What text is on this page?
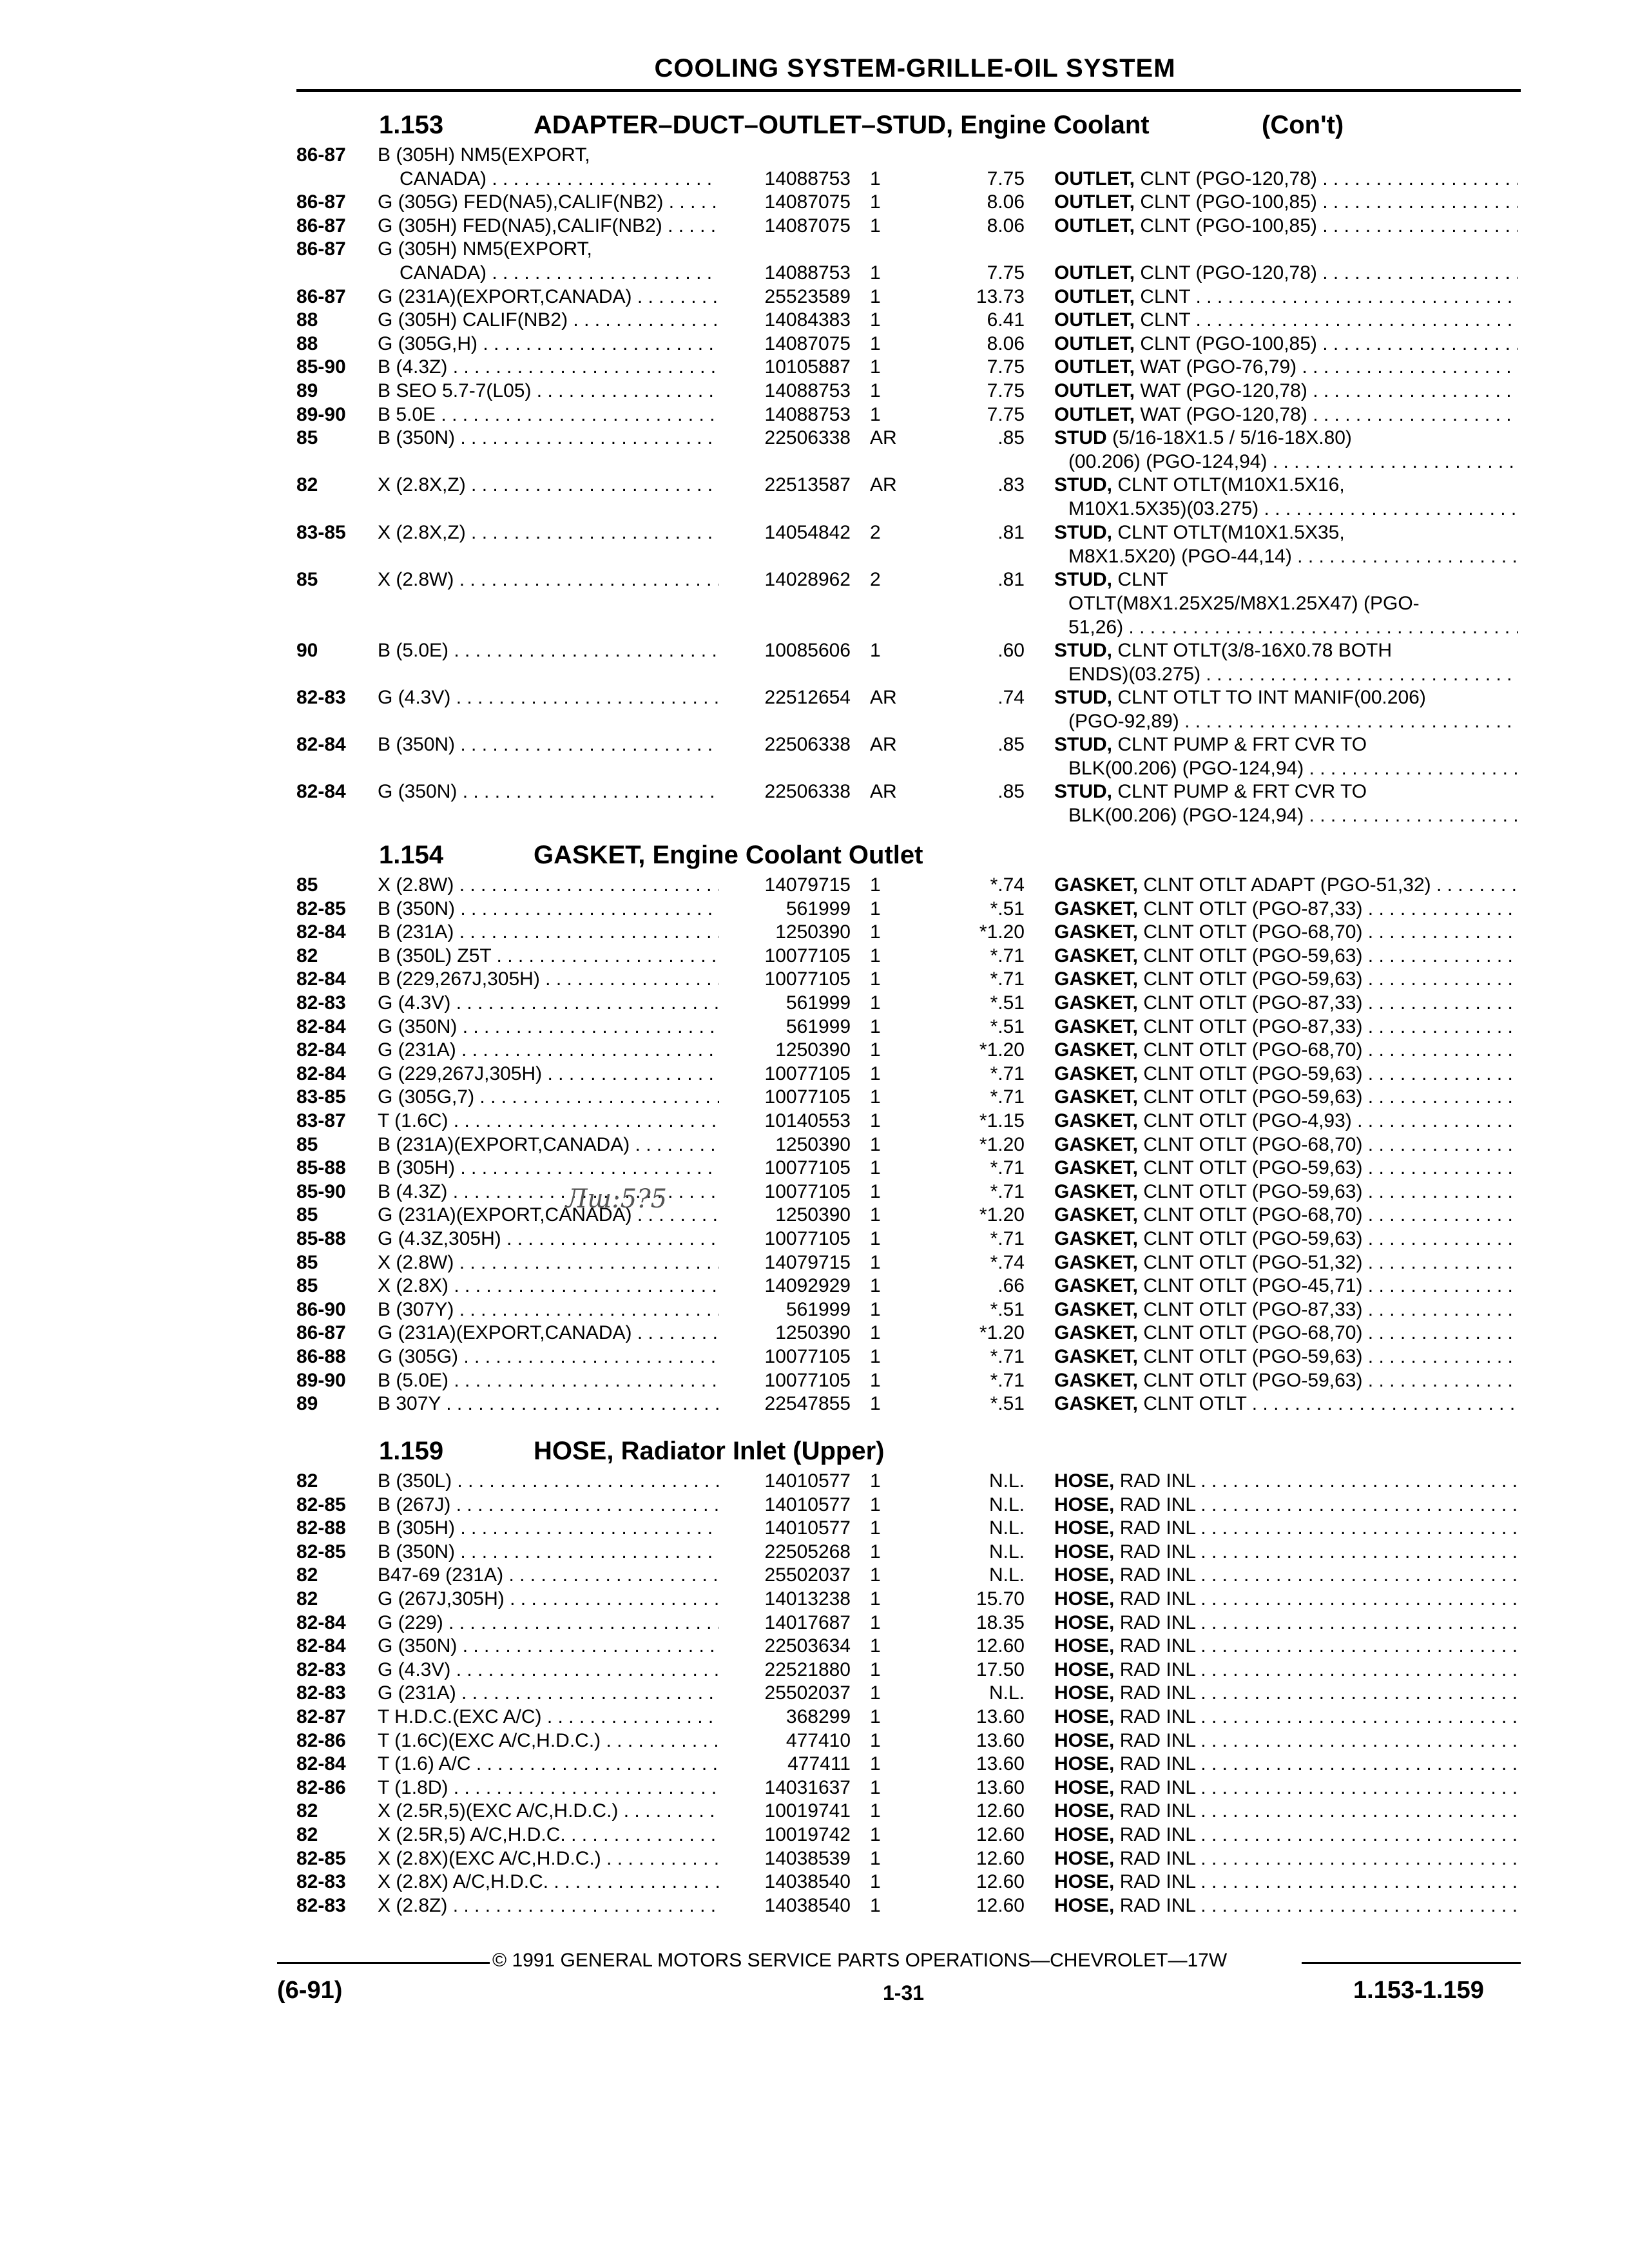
COOLING SYSTEM-GRILLE-OIL SYSTEM
1.153	ADAPTER–DUCT–OUTLET–STUD, Engine Coolant	(Con't)
86-87	B (305H) NM5(EXPORT,
CANADA) . . .	14088753 1	7.75 OUTLET, CLNT (PGO-120,78) . . .
86-87	G (305G) FED(NA5),CALIF(NB2) . . .	14087075 1	8.06 OUTLET, CLNT (PGO-100,85) . . .
86-87	G (305H) FED(NA5),CALIF(NB2) . . .	14087075 1	8.06 OUTLET, CLNT (PGO-100,85) . . .
86-87	G (305H) NM5(EXPORT,
CANADA) . . .	14088753 1	7.75 OUTLET, CLNT (PGO-120,78) . . .
86-87	G (231A)(EXPORT,CANADA) . . .	25523589 1	13.73 OUTLET, CLNT . . .
88	G (305H) CALIF(NB2) . . .	14084383 1	6.41 OUTLET, CLNT . . .
88	G (305G,H) . . .	14087075 1	8.06 OUTLET, CLNT (PGO-100,85) . . .
85-90	B (4.3Z) . . .	10105887 1	7.75 OUTLET, WAT (PGO-76,79) . . .
89	B SEO 5.7-7(L05) . . .	14088753 1	7.75 OUTLET, WAT (PGO-120,78) . . .
89-90	B 5.0E . . .	14088753 1	7.75 OUTLET, WAT (PGO-120,78) . . .
85	B (350N) . . .	22506338 AR	.85 STUD (5/16-18X1.5 / 5/16-18X.80)
(00.206) (PGO-124,94) . . .
82	X (2.8X,Z) . . .	22513587 AR	.83 STUD, CLNT OTLT(M10X1.5X16,
M10X1.5X35)(03.275) . . .
83-85	X (2.8X,Z) . . .	14054842 2	.81 STUD, CLNT OTLT(M10X1.5X35,
M8X1.5X20) (PGO-44,14) . . .
85	X (2.8W) . . .	14028962 2	.81 STUD, CLNT
OTLT(M8X1.25X25/M8X1.25X47) (PGO-
51,26) . . .
90	B (5.0E) . . .	10085606 1	.60 STUD, CLNT OTLT(3/8-16X0.78 BOTH
ENDS)(03.275) . . .
82-83	G (4.3V) . . .	22512654 AR	.74 STUD, CLNT OTLT TO INT MANIF(00.206)
(PGO-92,89) . . .
82-84	B (350N) . . .	22506338 AR	.85 STUD, CLNT PUMP & FRT CVR TO
BLK(00.206) (PGO-124,94) . . .
82-84	G (350N) . . .	22506338 AR	.85 STUD, CLNT PUMP & FRT CVR TO
BLK(00.206) (PGO-124,94) . . .
1.154	GASKET, Engine Coolant Outlet
85	X (2.8W) . . .	14079715 1	*.74 GASKET, CLNT OTLT ADAPT (PGO-51,32) . . .
82-85	B (350N) . . .	561999 1	*.51 GASKET, CLNT OTLT (PGO-87,33) . . .
82-84	B (231A) . . .	1250390 1	*1.20 GASKET, CLNT OTLT (PGO-68,70) . . .
82	B (350L) Z5T . . .	10077105 1	*.71 GASKET, CLNT OTLT (PGO-59,63) . . .
82-84	B (229,267J,305H) . . .	10077105 1	*.71 GASKET, CLNT OTLT (PGO-59,63) . . .
82-83	G (4.3V) . . .	561999 1	*.51 GASKET, CLNT OTLT (PGO-87,33) . . .
82-84	G (350N) . . .	561999 1	*.51 GASKET, CLNT OTLT (PGO-87,33) . . .
82-84	G (231A) . . .	1250390 1	*1.20 GASKET, CLNT OTLT (PGO-68,70) . . .
82-84	G (229,267J,305H) . . .	10077105 1	*.71 GASKET, CLNT OTLT (PGO-59,63) . . .
83-85	G (305G,7) . . .	10077105 1	*.71 GASKET, CLNT OTLT (PGO-59,63) . . .
83-87	T (1.6C) . . .	10140553 1	*1.15 GASKET, CLNT OTLT (PGO-4,93) . . .
85	B (231A)(EXPORT,CANADA) . . .	1250390 1	*1.20 GASKET, CLNT OTLT (PGO-68,70) . . .
85-88	B (305H) . . .	10077105 1	*.71 GASKET, CLNT OTLT (PGO-59,63) . . .
85-90	B (4.3Z) . . .	10077105 1	*.71 GASKET, CLNT OTLT (PGO-59,63) . . .
85	G (231A)(EXPORT,CANADA) . . .	1250390 1	*1.20 GASKET, CLNT OTLT (PGO-68,70) . . .
85-88	G (4.3Z,305H) . . .	10077105 1	*.71 GASKET, CLNT OTLT (PGO-59,63) . . .
85	X (2.8W) . . .	14079715 1	*.74 GASKET, CLNT OTLT (PGO-51,32) . . .
85	X (2.8X) . . .	14092929 1	.66 GASKET, CLNT OTLT (PGO-45,71) . . .
86-90	B (307Y) . . .	561999 1	*.51 GASKET, CLNT OTLT (PGO-87,33) . . .
86-87	G (231A)(EXPORT,CANADA) . . .	1250390 1	*1.20 GASKET, CLNT OTLT (PGO-68,70) . . .
86-88	G (305G) . . .	10077105 1	*.71 GASKET, CLNT OTLT (PGO-59,63) . . .
89-90	B (5.0E) . . .	10077105 1	*.71 GASKET, CLNT OTLT (PGO-59,63) . . .
89	B 307Y . . .	22547855 1	*.51 GASKET, CLNT OTLT . . .
1.159	HOSE, Radiator Inlet (Upper)
82	B (350L) . . .	14010577 1	N.L. HOSE, RAD INL . . .
82-85	B (267J) . . .	14010577 1	N.L. HOSE, RAD INL . . .
82-88	B (305H) . . .	14010577 1	N.L. HOSE, RAD INL . . .
82-85	B (350N) . . .	22505268 1	N.L. HOSE, RAD INL . . .
82	B47-69 (231A) . . .	25502037 1	N.L. HOSE, RAD INL . . .
82	G (267J,305H) . . .	14013238 1	15.70 HOSE, RAD INL . . .
82-84	G (229) . . .	14017687 1	18.35 HOSE, RAD INL . . .
82-84	G (350N) . . .	22503634 1	12.60 HOSE, RAD INL . . .
82-83	G (4.3V) . . .	22521880 1	17.50 HOSE, RAD INL . . .
82-83	G (231A) . . .	25502037 1	N.L. HOSE, RAD INL . . .
82-87	T H.D.C.(EXC A/C) . . .	368299 1	13.60 HOSE, RAD INL . . .
82-86	T (1.6C)(EXC A/C,H.D.C.) . . .	477410 1	13.60 HOSE, RAD INL . . .
82-84	T (1.6) A/C . . .	477411 1	13.60 HOSE, RAD INL . . .
82-86	T (1.8D) . . .	14031637 1	13.60 HOSE, RAD INL . . .
82	X (2.5R,5)(EXC A/C,H.D.C.) . . .	10019741 1	12.60 HOSE, RAD INL . . .
82	X (2.5R,5) A/C,H.D.C. . . .	10019742 1	12.60 HOSE, RAD INL . . .
82-85	X (2.8X)(EXC A/C,H.D.C.) . . .	14038539 1	12.60 HOSE, RAD INL . . .
82-83	X (2.8X) A/C,H.D.C. . . .	14038540 1	12.60 HOSE, RAD INL . . .
82-83	X (2.8Z) . . .	14038540 1	12.60 HOSE, RAD INL . . .
Лш:5?5
© 1991 GENERAL MOTORS SERVICE PARTS OPERATIONS—CHEVROLET—17W
(6-91)	1-31	1.153-1.159
